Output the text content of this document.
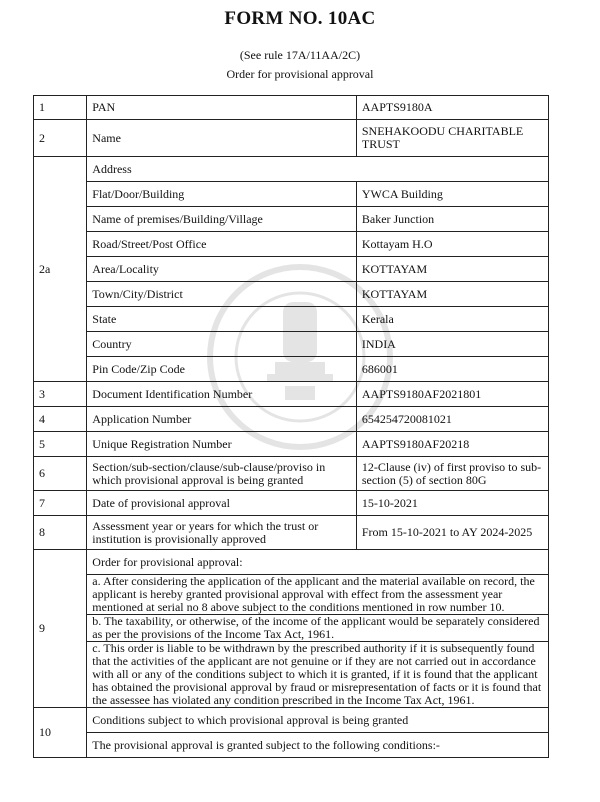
FORM NO. 10AC
(See rule 17A/11AA/2C)
Order for provisional approval
1	PAN	AAPTS9180A
2	Name	SNEHAKOODU CHARITABLE TRUST
2a	Address	
	Flat/Door/Building	YWCA Building
	Name of premises/Building/Village	Baker Junction
	Road/Street/Post Office	Kottayam H.O
	Area/Locality	KOTTAYAM
	Town/City/District	KOTTAYAM
	State	Kerala
	Country	INDIA
	Pin Code/Zip Code	686001
3	Document Identification Number	AAPTS9180AF2021801
4	Application Number	654254720081021
5	Unique Registration Number	AAPTS9180AF20218
6	Section/sub-section/clause/sub-clause/proviso in which provisional approval is being granted	12-Clause (iv) of first proviso to sub-section (5) of section 80G
7	Date of provisional approval	15-10-2021
8	Assessment year or years for which the trust or institution is provisionally approved	From 15-10-2021 to AY 2024-2025
9	Order for provisional approval:	
	a. After considering the application of the applicant and the material available on record, the applicant is hereby granted provisional approval with effect from the assessment year mentioned at serial no 8 above subject to the conditions mentioned in row number 10.	
	b. The taxability, or otherwise, of the income of the applicant would be separately considered as per the provisions of the Income Tax Act, 1961.	
	c. This order is liable to be withdrawn by the prescribed authority if it is subsequently found that the activities of the applicant are not genuine or if they are not carried out in accordance with all or any of the conditions subject to which it is granted, if it is found that the applicant has obtained the provisional approval by fraud or misrepresentation of facts or it is found that the assessee has violated any condition prescribed in the Income Tax Act, 1961.	
10	Conditions subject to which provisional approval is being granted	
	The provisional approval is granted subject to the following conditions:-	
